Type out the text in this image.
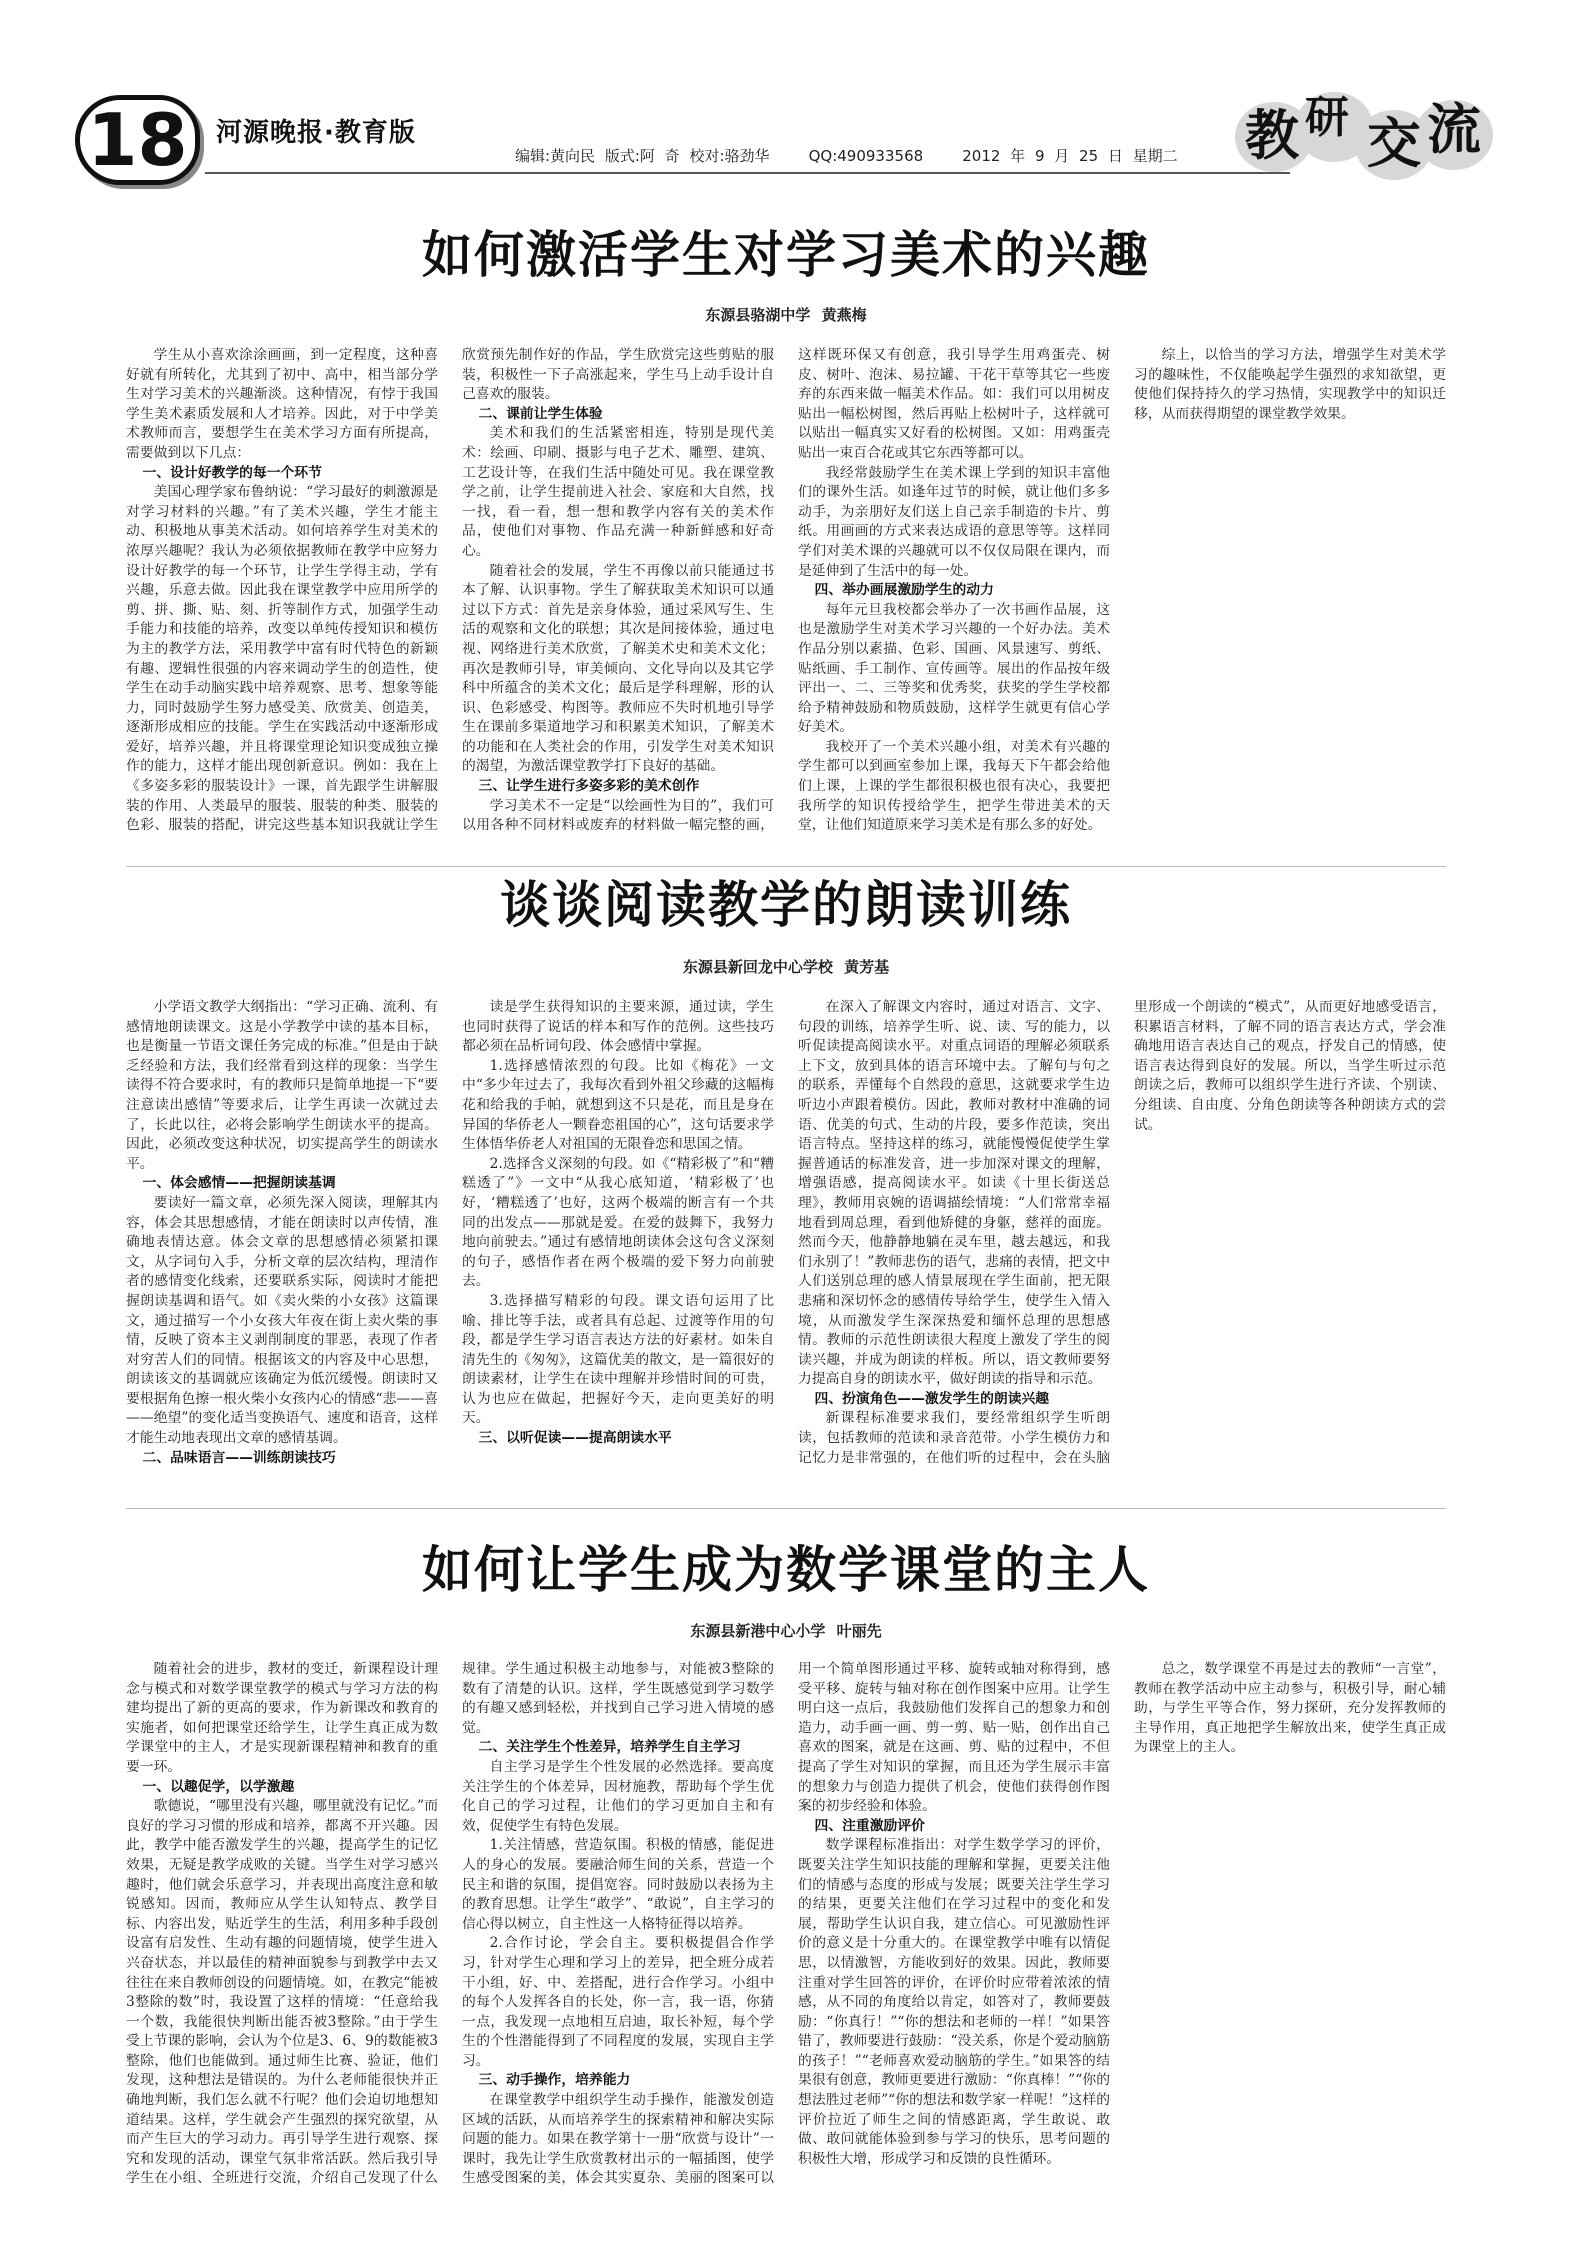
18	河源晚报·教育版
编辑:黄向民 版式:阿 奇 校对:骆劲华	QQ:490933568	2012 年 9 月 25 日 星期二 教 研 交 流
如何激活学生对学习美术的兴趣
东源县骆湖中学 黄燕梅

学生从小喜欢涂涂画画，到一定程度，这种喜好就有所转化，尤其到了初中、高中，相当部分学生对学习美术的兴趣渐淡。这种情况，有悖于我国学生美术素质发展和人才培养。因此，对于中学美术教师而言，要想学生在美术学习方面有所提高，需要做到以下几点：

一、设计好教学的每一个环节

美国心理学家布鲁纳说：“学习最好的刺激源是对学习材料的兴趣。”有了美术兴趣，学生才能主动、积极地从事美术活动。如何培养学生对美术的浓厚兴趣呢？我认为必须依据教师在教学中应努力设计好教学的每一个环节，让学生学得主动，学有兴趣，乐意去做。因此我在课堂教学中应用所学的剪、拼、撕、贴、刻、折等制作方式，加强学生动手能力和技能的培养，改变以单纯传授知识和模仿为主的教学方法，采用教学中富有时代特色的新颖有趣、逻辑性很强的内容来调动学生的创造性，使学生在动手动脑实践中培养观察、思考、想象等能力，同时鼓励学生努力感受美、欣赏美、创造美，逐渐形成相应的技能。学生在实践活动中逐渐形成爱好，培养兴趣，并且将课堂理论知识变成独立操作的能力，这样才能出现创新意识。例如：我在上《多姿多彩的服装设计》一课，首先跟学生讲解服装的作用、人类最早的服装、服装的种类、服装的色彩、服装的搭配，讲完这些基本知识我就让学生欣赏预先制作好的作品，学生欣赏完这些剪贴的服装，积极性一下子高涨起来，学生马上动手设计自己喜欢的服装。

二、课前让学生体验

美术和我们的生活紧密相连，特别是现代美术：绘画、印刷、摄影与电子艺术、雕塑、建筑、工艺设计等，在我们生活中随处可见。我在课堂教学之前，让学生提前进入社会、家庭和大自然，找一找，看一看，想一想和教学内容有关的美术作品，使他们对事物、作品充满一种新鲜感和好奇心。

随着社会的发展，学生不再像以前只能通过书本了解、认识事物。学生了解获取美术知识可以通过以下方式：首先是亲身体验，通过采风写生、生活的观察和文化的联想；其次是间接体验，通过电视、网络进行美术欣赏，了解美术史和美术文化；再次是教师引导，审美倾向、文化导向以及其它学科中所蕴含的美术文化；最后是学科理解，形的认识、色彩感受、构图等。教师应不失时机地引导学生在课前多渠道地学习和积累美术知识，了解美术的功能和在人类社会的作用，引发学生对美术知识的渴望，为激活课堂教学打下良好的基础。

三、让学生进行多姿多彩的美术创作

学习美术不一定是“以绘画性为目的”，我们可以用各种不同材料或废弃的材料做一幅完整的画，这样既环保又有创意，我引导学生用鸡蛋壳、树皮、树叶、泡沫、易拉罐、干花干草等其它一些废弃的东西来做一幅美术作品。如：我们可以用树皮贴出一幅松树图，然后再贴上松树叶子，这样就可以贴出一幅真实又好看的松树图。又如：用鸡蛋壳贴出一束百合花或其它东西等都可以。

我经常鼓励学生在美术课上学到的知识丰富他们的课外生活。如逢年过节的时候，就让他们多多动手，为亲朋好友们送上自己亲手制造的卡片、剪纸。用画画的方式来表达成语的意思等等。这样同学们对美术课的兴趣就可以不仅仅局限在课内，而是延伸到了生活中的每一处。

四、举办画展激励学生的动力

每年元旦我校都会举办了一次书画作品展，这也是激励学生对美术学习兴趣的一个好办法。美术作品分别以素描、色彩、国画、风景速写、剪纸、贴纸画、手工制作、宣传画等。展出的作品按年级评出一、二、三等奖和优秀奖，获奖的学生学校都给予精神鼓励和物质鼓励，这样学生就更有信心学好美术。

我校开了一个美术兴趣小组，对美术有兴趣的学生都可以到画室参加上课，我每天下午都会给他们上课，上课的学生都很积极也很有决心，我要把我所学的知识传授给学生，把学生带进美术的天堂，让他们知道原来学习美术是有那么多的好处。

综上，以恰当的学习方法，增强学生对美术学习的趣味性，不仅能唤起学生强烈的求知欲望，更使他们保持持久的学习热情，实现教学中的知识迁移，从而获得期望的课堂教学效果。

谈谈阅读教学的朗读训练
东源县新回龙中心学校 黄芳基

小学语文教学大纲指出：“学习正确、流利、有感情地朗读课文。这是小学教学中读的基本目标，也是衡量一节语文课任务完成的标准。”但是由于缺乏经验和方法，我们经常看到这样的现象：当学生读得不符合要求时，有的教师只是简单地提一下“要注意读出感情”等要求后，让学生再读一次就过去了，长此以往，必将会影响学生朗读水平的提高。因此，必须改变这种状况，切实提高学生的朗读水平。

一、体会感情——把握朗读基调

要读好一篇文章，必须先深入阅读，理解其内容，体会其思想感情，才能在朗读时以声传情，准确地表情达意。体会文章的思想感情必须紧扣课文，从字词句入手，分析文章的层次结构，理清作者的感情变化线索，还要联系实际，阅读时才能把握朗读基调和语气。如《卖火柴的小女孩》这篇课文，通过描写一个小女孩大年夜在街上卖火柴的事情，反映了资本主义剥削制度的罪恶，表现了作者对穷苦人们的同情。根据该文的内容及中心思想，朗读该文的基调就应该确定为低沉缓慢。朗读时又要根据角色擦一根火柴小女孩内心的情感“悲——喜——绝望”的变化适当变换语气、速度和语音，这样才能生动地表现出文章的感情基调。

二、品味语言——训练朗读技巧

读是学生获得知识的主要来源，通过读，学生也同时获得了说话的样本和写作的范例。这些技巧都必须在品析词句段、体会感情中掌握。

1.选择感情浓烈的句段。比如《梅花》一文中“多少年过去了，我每次看到外祖父珍藏的这幅梅花和给我的手帕，就想到这不只是花，而且是身在异国的华侨老人一颗眷恋祖国的心”，这句话要求学生体悟华侨老人对祖国的无限眷恋和思国之情。

2.选择含义深刻的句段。如《“精彩极了”和“糟糕透了”》一文中“从我心底知道，‘精彩极了’也好，‘糟糕透了’也好，这两个极端的断言有一个共同的出发点——那就是爱。在爱的鼓舞下，我努力地向前驶去。”通过有感情地朗读体会这句含义深刻的句子，感悟作者在两个极端的爱下努力向前驶去。

3.选择描写精彩的句段。课文语句运用了比喻、排比等手法，或者具有总起、过渡等作用的句段，都是学生学习语言表达方法的好素材。如朱自清先生的《匆匆》，这篇优美的散文，是一篇很好的朗读素材，让学生在读中理解并珍惜时间的可贵，认为也应在做起，把握好今天，走向更美好的明天。

三、以听促读——提高朗读水平

在深入了解课文内容时，通过对语言、文字、句段的训练，培养学生听、说、读、写的能力，以听促读提高阅读水平。对重点词语的理解必须联系上下文，放到具体的语言环境中去。了解句与句之的联系，弄懂每个自然段的意思，这就要求学生边听边小声跟着模仿。因此，教师对教材中准确的词语、优美的句式、生动的片段，要多作范读，突出语言特点。坚持这样的练习，就能慢慢促使学生掌握普通话的标准发音，进一步加深对课文的理解，增强语感，提高阅读水平。如读《十里长街送总理》，教师用哀婉的语调描绘情境：“人们常常幸福地看到周总理，看到他矫健的身躯，慈祥的面庞。然而今天，他静静地躺在灵车里，越去越远，和我们永别了！”教师悲伤的语气，悲痛的表情，把文中人们送别总理的感人情景展现在学生面前，把无限悲痛和深切怀念的感情传导给学生，使学生入情入境，从而激发学生深深热爱和缅怀总理的思想感情。教师的示范性朗读很大程度上激发了学生的阅读兴趣，并成为朗读的样板。所以，语文教师要努力提高自身的朗读水平，做好朗读的指导和示范。

四、扮演角色——激发学生的朗读兴趣

新课程标准要求我们，要经常组织学生听朗读，包括教师的范读和录音范带。小学生模仿力和记忆力是非常强的，在他们听的过程中，会在头脑里形成一个朗读的“模式”，从而更好地感受语言，积累语言材料，了解不同的语言表达方式，学会准确地用语言表达自己的观点，抒发自己的情感，使语言表达得到良好的发展。所以，当学生听过示范朗读之后，教师可以组织学生进行齐读、个别读、分组读、自由度、分角色朗读等各种朗读方式的尝试。

如何让学生成为数学课堂的主人
东源县新港中心小学 叶丽先

随着社会的进步，教材的变迁，新课程设计理念与模式和对数学课堂教学的模式与学习方法的构建均提出了新的更高的要求，作为新课改和教育的实施者，如何把课堂还给学生，让学生真正成为数学课堂中的主人，才是实现新课程精神和教育的重要一环。

一、以趣促学，以学激趣

歌德说，“哪里没有兴趣，哪里就没有记忆。”而良好的学习习惯的形成和培养，都离不开兴趣。因此，教学中能否激发学生的兴趣，提高学生的记忆效果，无疑是教学成败的关键。当学生对学习感兴趣时，他们就会乐意学习，并表现出高度注意和敏锐感知。因而，教师应从学生认知特点、教学目标、内容出发，贴近学生的生活，利用多种手段创设富有启发性、生动有趣的问题情境，使学生进入兴奋状态，并以最佳的精神面貌参与到教学中去又往往在来自教师创设的问题情境。如，在教完“能被3整除的数”时，我设置了这样的情境：“任意给我一个数，我能很快判断出能否被3整除。”由于学生受上节课的影响，会认为个位是3、6、9的数能被3整除，他们也能做到。通过师生比赛、验证，他们发现，这种想法是错误的。为什么老师能很快并正确地判断，我们怎么就不行呢？他们会迫切地想知道结果。这样，学生就会产生强烈的探究欲望，从而产生巨大的学习动力。再引导学生进行观察、探究和发现的活动，课堂气氛非常活跃。然后我引导学生在小组、全班进行交流，介绍自己发现了什么规律。学生通过积极主动地参与，对能被3整除的数有了清楚的认识。这样，学生既感觉到学习数学的有趣又感到轻松，并找到自己学习进入情境的感觉。

二、关注学生个性差异，培养学生自主学习

自主学习是学生个性发展的必然选择。要高度关注学生的个体差异，因材施教，帮助每个学生优化自己的学习过程，让他们的学习更加自主和有效，促使学生有特色发展。

1.关注情感，营造氛围。积极的情感，能促进人的身心的发展。要融洽师生间的关系，营造一个民主和谐的氛围，提倡宽容。同时鼓励以表扬为主的教育思想。让学生“敢学”、“敢说”，自主学习的信心得以树立，自主性这一人格特征得以培养。

2.合作讨论，学会自主。要积极提倡合作学习，针对学生心理和学习上的差异，把全班分成若干小组，好、中、差搭配，进行合作学习。小组中的每个人发挥各自的长处，你一言，我一语，你猜一点，我发现一点地相互启迪，取长补短，每个学生的个性潜能得到了不同程度的发展，实现自主学习。

三、动手操作，培养能力

在课堂教学中组织学生动手操作，能激发创造区域的活跃，从而培养学生的探索精神和解决实际问题的能力。如果在教学第十一册“欣赏与设计”一课时，我先让学生欣赏教材出示的一幅插图，使学生感受图案的美，体会其实夏杂、美丽的图案可以用一个简单图形通过平移、旋转或轴对称得到，感受平移、旋转与轴对称在创作图案中应用。让学生明白这一点后，我鼓励他们发挥自己的想象力和创造力，动手画一画、剪一剪、贴一贴，创作出自己喜欢的图案，就是在这画、剪、贴的过程中，不但提高了学生对知识的掌握，而且还为学生展示丰富的想象力与创造力提供了机会，使他们获得创作图案的初步经验和体验。

四、注重激励评价

数学课程标准指出：对学生数学学习的评价，既要关注学生知识技能的理解和掌握，更要关注他们的情感与态度的形成与发展；既要关注学生学习的结果，更要关注他们在学习过程中的变化和发展，帮助学生认识自我，建立信心。可见激励性评价的意义是十分重大的。在课堂教学中唯有以情促思，以情激智，方能收到好的效果。因此，教师要注重对学生回答的评价，在评价时应带着浓浓的情感，从不同的角度给以肯定，如答对了，教师要鼓励：“你真行！”“你的想法和老师的一样！”如果答错了，教师要进行鼓励：“没关系，你是个爱动脑筋的孩子！”“老师喜欢爱动脑筋的学生。”如果答的结果很有创意，教师更要进行激励：“你真棒！”“你的想法胜过老师”“你的想法和数学家一样呢！”这样的评价拉近了师生之间的情感距离，学生敢说、敢做、敢问就能体验到参与学习的快乐，思考问题的积极性大增，形成学习和反馈的良性循环。

总之，数学课堂不再是过去的教师“一言堂”，教师在教学活动中应主动参与，积极引导，耐心辅助，与学生平等合作，努力探研，充分发挥教师的主导作用，真正地把学生解放出来，使学生真正成为课堂上的主人。
